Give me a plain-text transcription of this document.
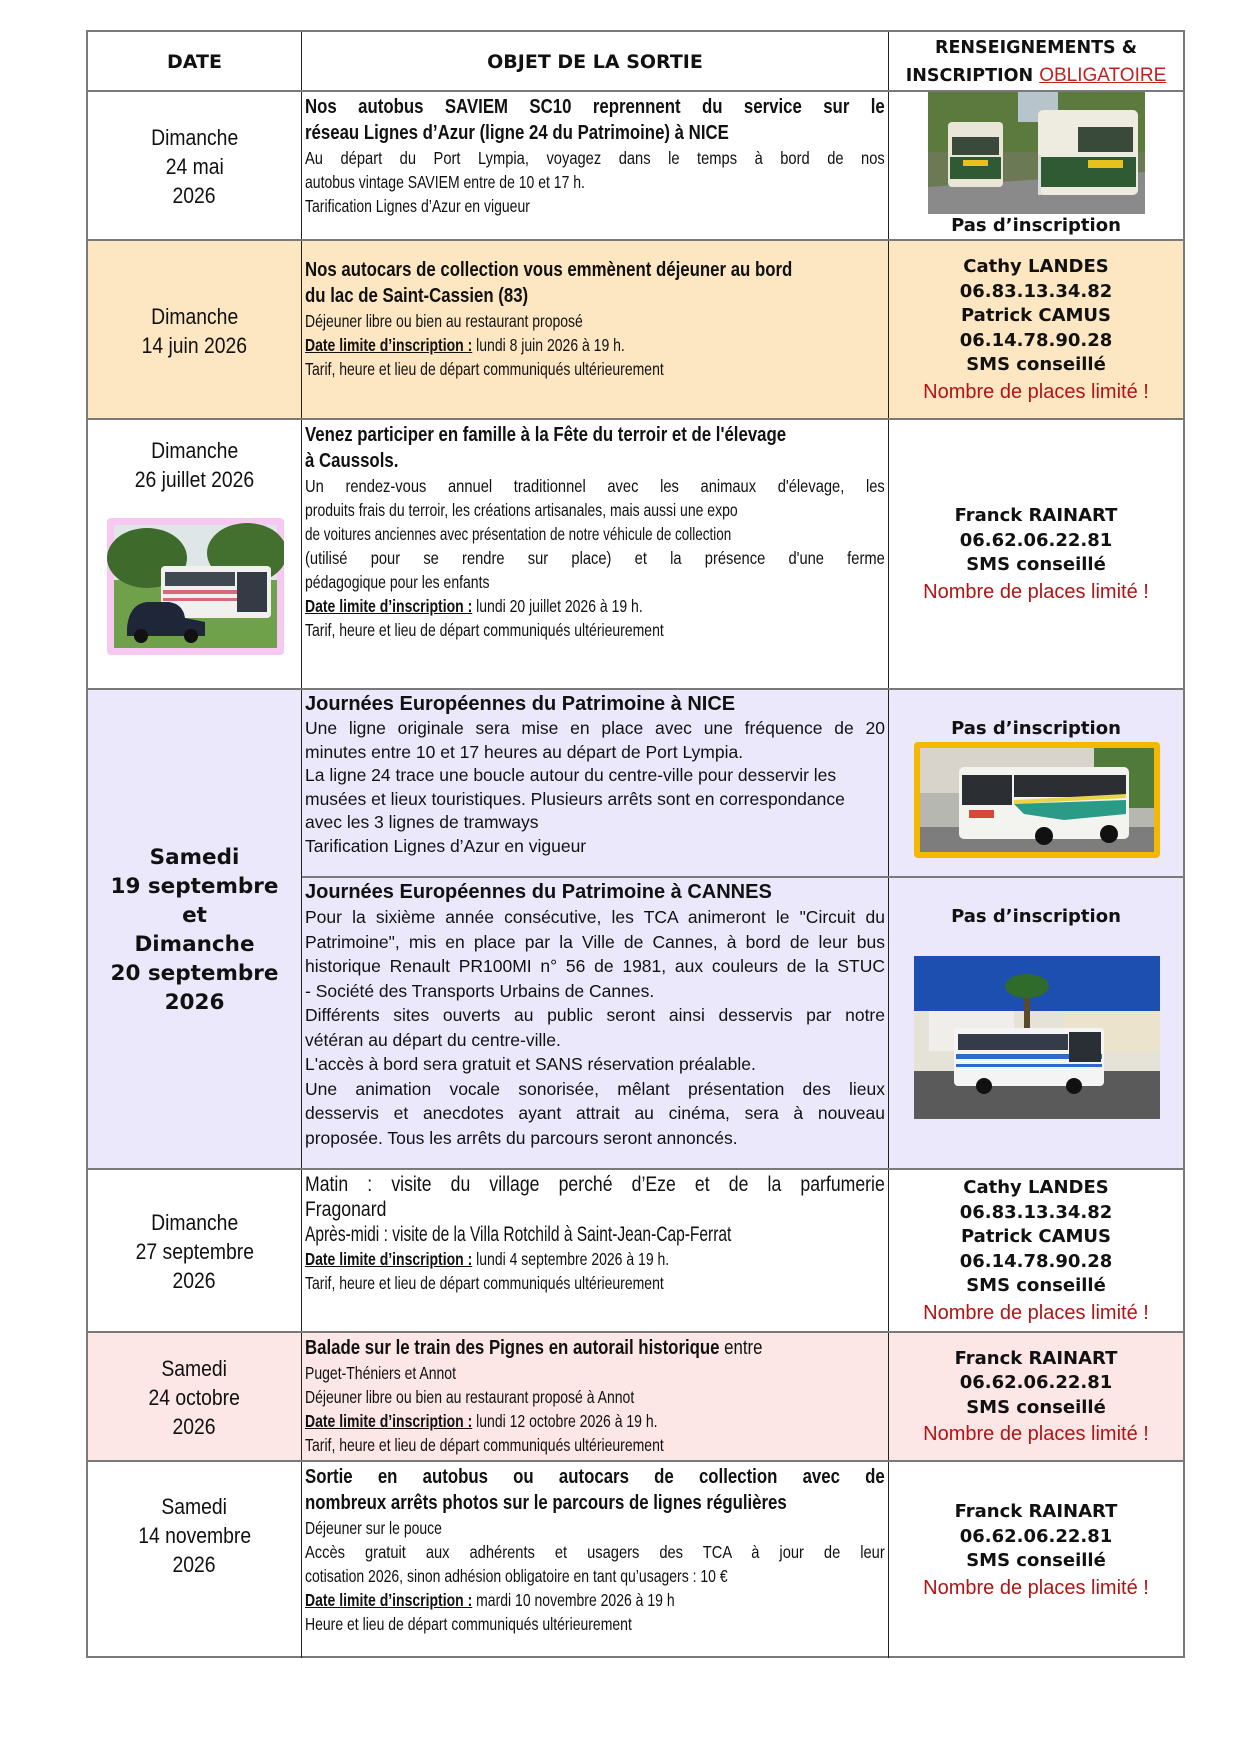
DATE	OBJET DE LA SORTIE
RENSEIGNEMENTS &
INSCRIPTION OBLIGATOIRE
Dimanche
24 mai
2026
Nos autobus SAVIEM SC10 reprennent du service sur le
réseau Lignes d’Azur (ligne 24 du Patrimoine) à NICE
Au départ du Port Lympia, voyagez dans le temps à bord de nos
autobus vintage SAVIEM entre de 10 et 17 h.
Tarification Lignes d’Azur en vigueur
Pas d’inscription
Dimanche
14 juin 2026
Nos autocars de collection vous emmènent déjeuner au bord
du lac de Saint-Cassien (83)
Déjeuner libre ou bien au restaurant proposé
Date limite d’inscription : lundi 8 juin 2026 à 19 h.
Tarif, heure et lieu de départ communiqués ultérieurement
Cathy LANDES
06.83.13.34.82
Patrick CAMUS
06.14.78.90.28
SMS conseillé
Nombre de places limité !
Dimanche
26 juillet 2026
Venez participer en famille à la Fête du terroir et de l'élevage
à Caussols.
Un rendez-vous annuel traditionnel avec les animaux d'élevage, les
produits frais du terroir, les créations artisanales, mais aussi une expo
de voitures anciennes avec présentation de notre véhicule de collection
(utilisé pour se rendre sur place) et la présence d'une ferme
pédagogique pour les enfants
Date limite d’inscription : lundi 20 juillet 2026 à 19 h.
Tarif, heure et lieu de départ communiqués ultérieurement
Franck RAINART
06.62.06.22.81
SMS conseillé
Nombre de places limité !
Samedi
19 septembre
et
Dimanche
20 septembre
2026
Journées Européennes du Patrimoine à NICE
Une ligne originale sera mise en place avec une fréquence de 20
minutes entre 10 et 17 heures au départ de Port Lympia.
La ligne 24 trace une boucle autour du centre-ville pour desservir les
musées et lieux touristiques. Plusieurs arrêts sont en correspondance
avec les 3 lignes de tramways
Tarification Lignes d’Azur en vigueur
Pas d’inscription
Journées Européennes du Patrimoine à CANNES
Pour la sixième année consécutive, les TCA animeront le "Circuit du
Patrimoine", mis en place par la Ville de Cannes, à bord de leur bus
historique Renault PR100MI n° 56 de 1981, aux couleurs de la STUC
- Société des Transports Urbains de Cannes.
Différents sites ouverts au public seront ainsi desservis par notre
vétéran au départ du centre-ville.
L'accès à bord sera gratuit et SANS réservation préalable.
Une animation vocale sonorisée, mêlant présentation des lieux
desservis et anecdotes ayant attrait au cinéma, sera à nouveau
proposée. Tous les arrêts du parcours seront annoncés.
Pas d’inscription
Dimanche
27 septembre
2026
Matin : visite du village perché d’Eze et de la parfumerie
Fragonard
Après-midi : visite de la Villa Rotchild à Saint-Jean-Cap-Ferrat
Date limite d’inscription : lundi 4 septembre 2026 à 19 h.
Tarif, heure et lieu de départ communiqués ultérieurement
Cathy LANDES
06.83.13.34.82
Patrick CAMUS
06.14.78.90.28
SMS conseillé
Nombre de places limité !
Samedi
24 octobre
2026
Balade sur le train des Pignes en autorail historique entre
Puget-Théniers et Annot
Déjeuner libre ou bien au restaurant proposé à Annot
Date limite d’inscription : lundi 12 octobre 2026 à 19 h.
Tarif, heure et lieu de départ communiqués ultérieurement
Franck RAINART
06.62.06.22.81
SMS conseillé
Nombre de places limité !
Samedi
14 novembre
2026
Sortie en autobus ou autocars de collection avec de
nombreux arrêts photos sur le parcours de lignes régulières
Déjeuner sur le pouce
Accès gratuit aux adhérents et usagers des TCA à jour de leur
cotisation 2026, sinon adhésion obligatoire en tant qu’usagers : 10 €
Date limite d’inscription : mardi 10 novembre 2026 à 19 h
Heure et lieu de départ communiqués ultérieurement
Franck RAINART
06.62.06.22.81
SMS conseillé
Nombre de places limité !
